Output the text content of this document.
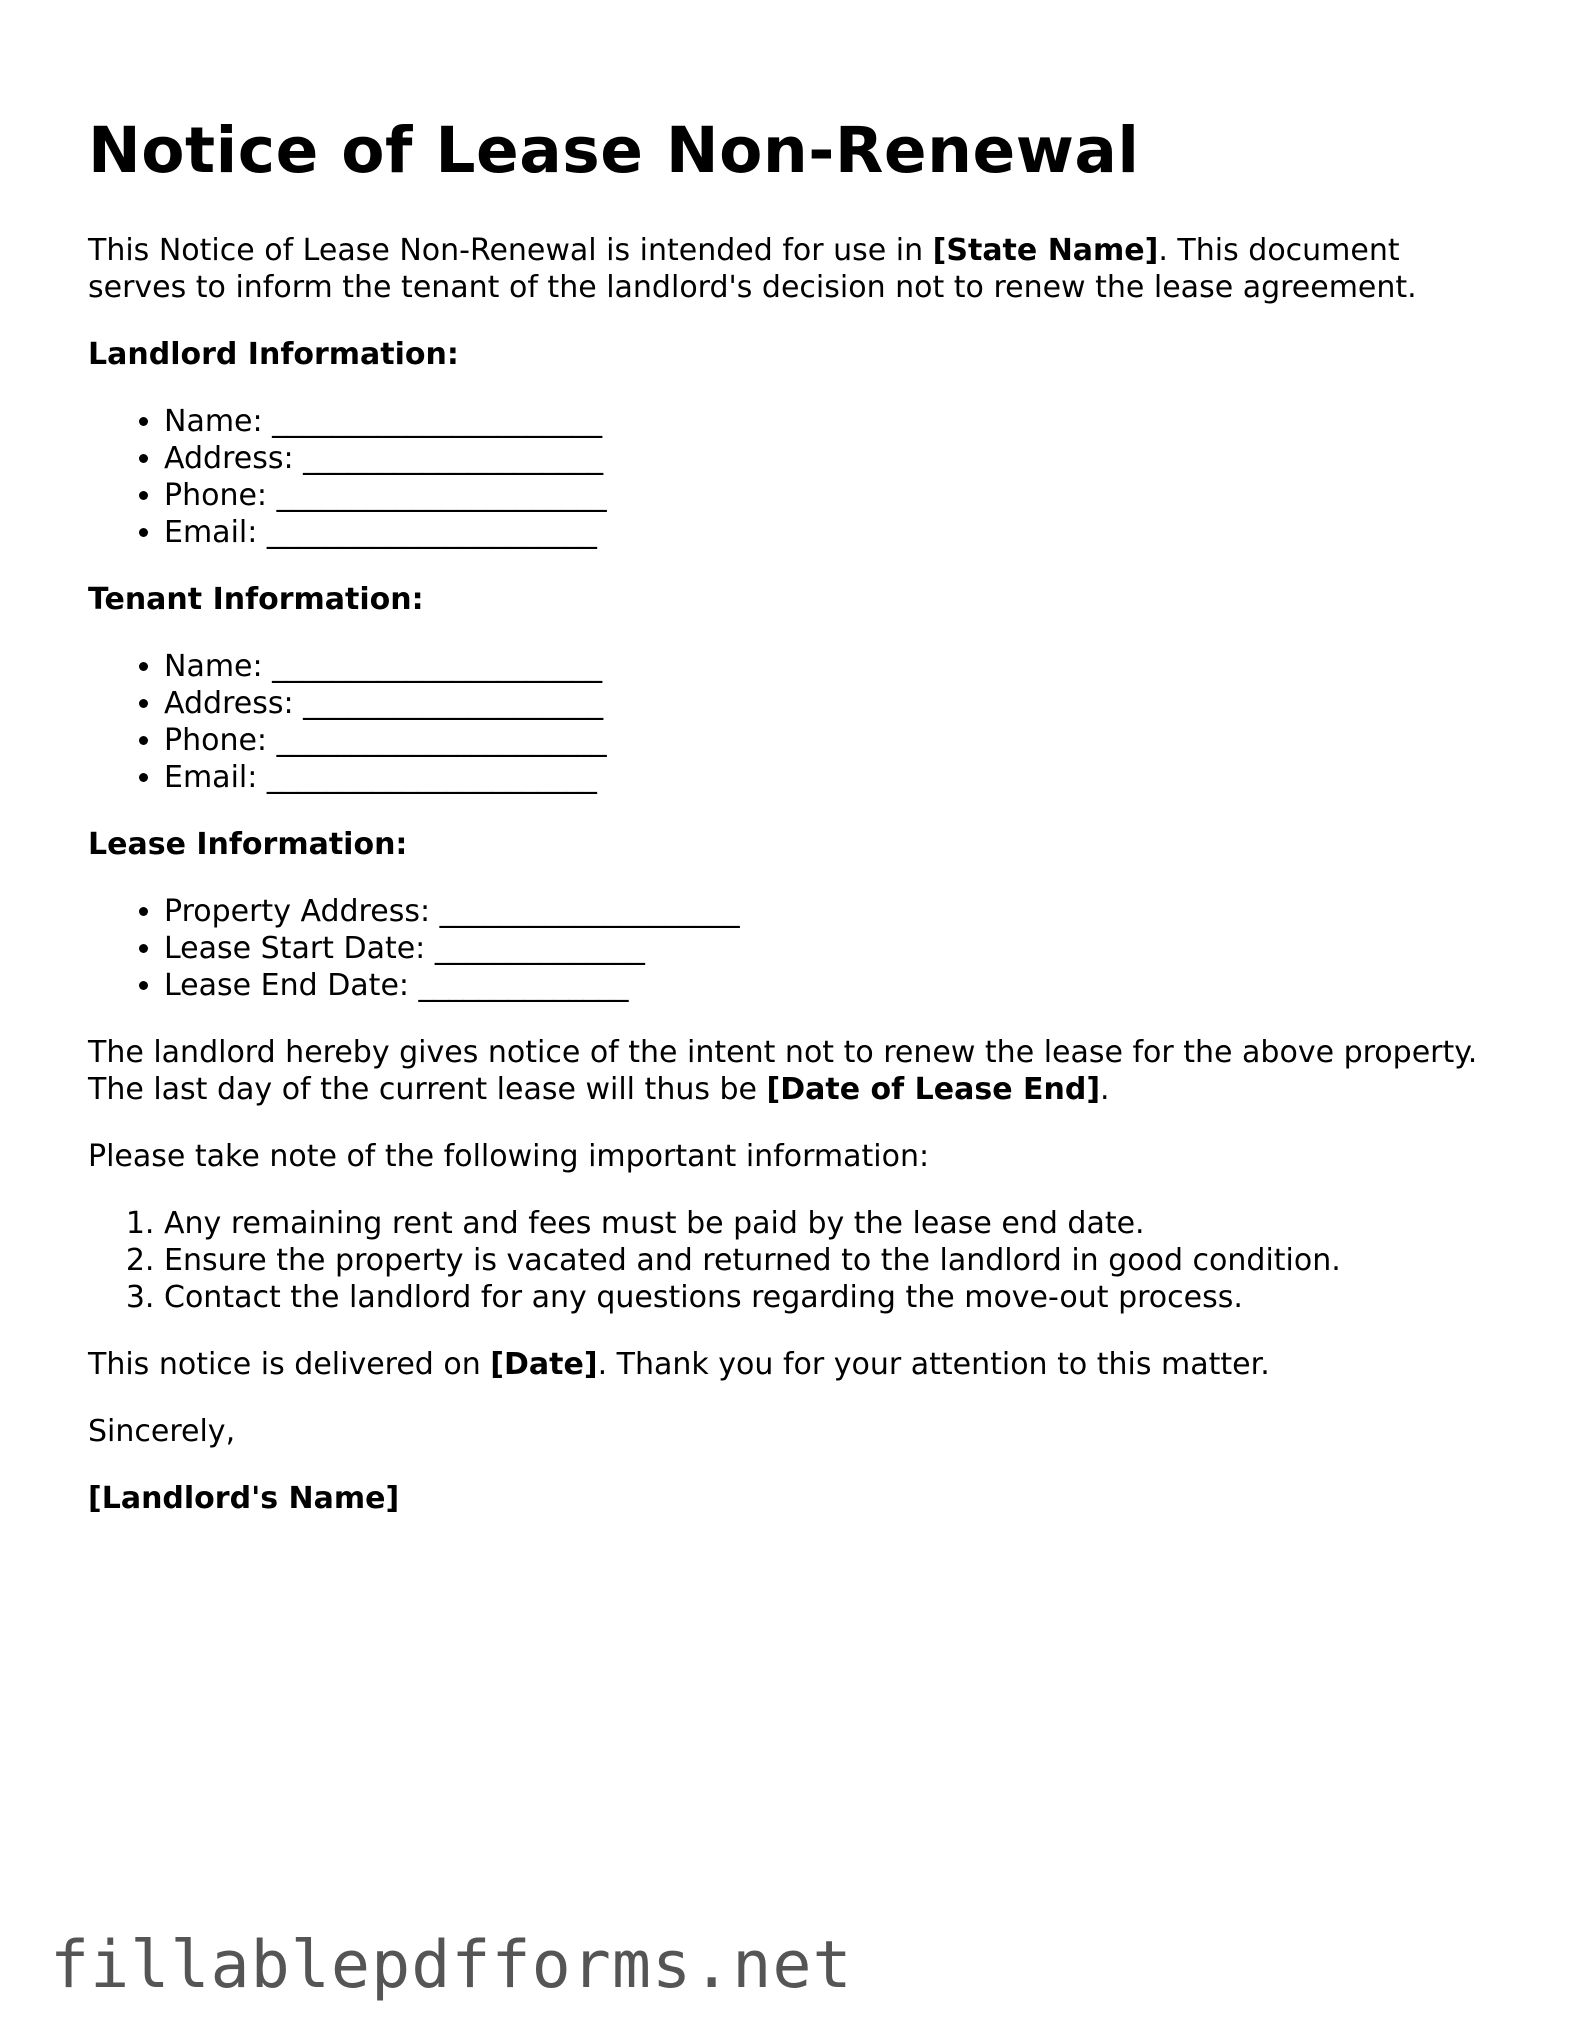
Notice of Lease Non-Renewal

This Notice of Lease Non-Renewal is intended for use in [State Name]. This document serves to inform the tenant of the landlord's decision not to renew the lease agreement.

Landlord Information:
• Name: ______________________
• Address: ____________________
• Phone: ______________________
• Email: ______________________
Tenant Information:
• Name: ______________________
• Address: ____________________
• Phone: ______________________
• Email: ______________________
Lease Information:
• Property Address: ____________________
• Lease Start Date: ______________
• Lease End Date: ______________

The landlord hereby gives notice of the intent not to renew the lease for the above property. The last day of the current lease will thus be [Date of Lease End].

Please take note of the following important information:

1. Any remaining rent and fees must be paid by the lease end date.
2. Ensure the property is vacated and returned to the landlord in good condition.
3. Contact the landlord for any questions regarding the move-out process.

This notice is delivered on [Date]. Thank you for your attention to this matter.

Sincerely,

[Landlord's Name]

fillablepdfforms.net
